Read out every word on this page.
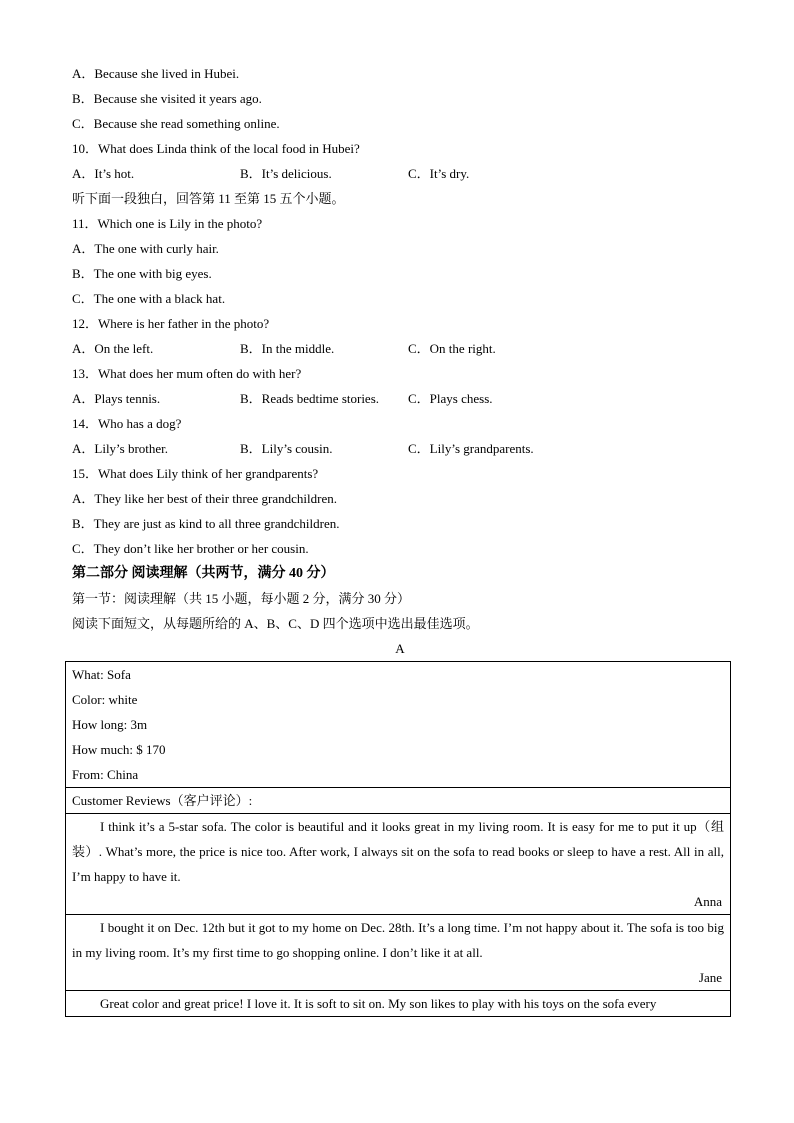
A．Because she lived in Hubei.
B．Because she visited it years ago.
C．Because she read something online.
10．What does Linda think of the local food in Hubei?
A．It’s hot.	B．It’s delicious.	C．It’s dry.
听下面一段独白，回答第 11 至第 15 五个小题。
11．Which one is Lily in the photo?
A．The one with curly hair.
B．The one with big eyes.
C．The one with a black hat.
12．Where is her father in the photo?
A．On the left.	B．In the middle.	C．On the right.
13．What does her mum often do with her?
A．Plays tennis.	B．Reads bedtime stories. C．Plays chess.
14．Who has a dog?
A．Lily’s brother.	B．Lily’s cousin.	C．Lily’s grandparents.
15．What does Lily think of her grandparents?
A．They like her best of their three grandchildren.
B．They are just as kind to all three grandchildren.
C．They don’t like her brother or her cousin.
第二部分 阅读理解（共两节，满分 40 分）
第一节：阅读理解（共 15 小题，每小题 2 分，满分 30 分）
阅读下面短文，从每题所给的 A、B、C、D 四个选项中选出最佳选项。
A
What: Sofa
Color: white
How long: 3m
How much: $ 170
From: China
Customer Reviews（客户评论）:
I think it’s a 5-star sofa. The color is beautiful and it looks great in my living room. It is easy for me to put it up（组装）. What’s more, the price is nice too. After work, I always sit on the sofa to read books or sleep to have a rest. All in all, I’m happy to have it.
Anna
I bought it on Dec. 12th but it got to my home on Dec. 28th. It’s a long time. I’m not happy about it. The sofa is too big in my living room. It’s my first time to go shopping online. I don’t like it at all.
Jane
Great color and great price! I love it. It is soft to sit on. My son likes to play with his toys on the sofa every
